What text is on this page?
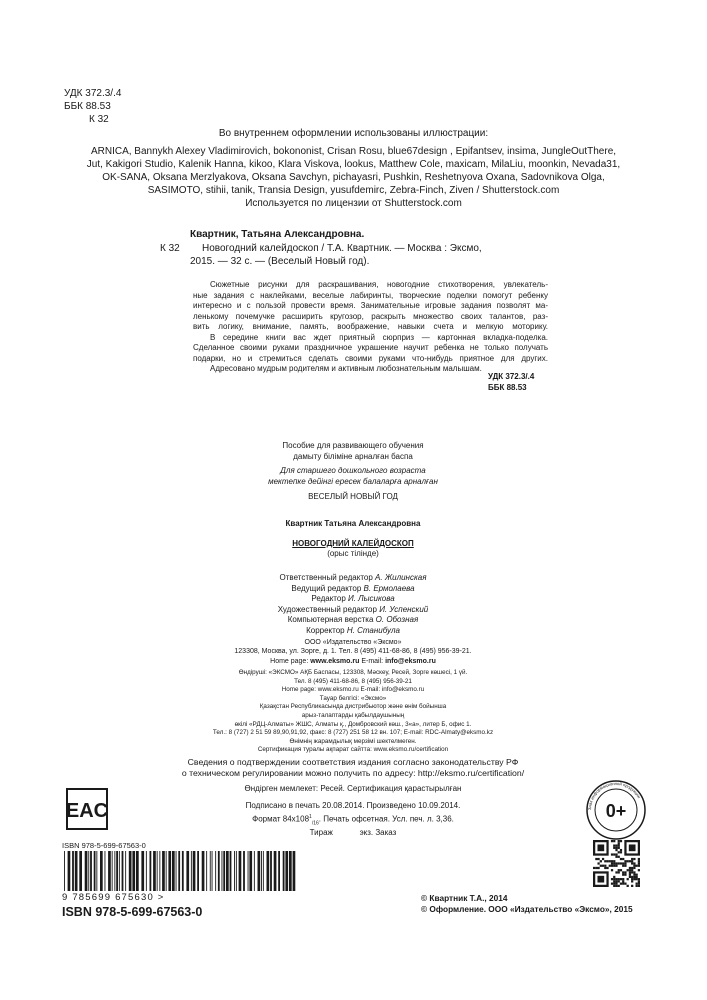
УДК 372.3/.4
ББК 88.53
К 32
Во внутреннем оформлении использованы иллюстрации:
ARNICA, Bannykh Alexey Vladimirovich, bokononist, Crisan Rosu, blue67design , Epifantsev, insima, JungleOutThere,
Jut, Kakigori Studio, Kalenik Hanna, kikoo, Klara Viskova, lookus, Matthew Cole, maxicam, MilaLiu, moonkin, Nevada31,
OK-SANA, Oksana Merzlyakova, Oksana Savchyn, pichayasri, Pushkin, Reshetnyova Oxana, Sadovnikova Olga,
SASIMOTO, stihii, tanik, Transia Design, yusufdemirc, Zebra-Finch, Ziven / Shutterstock.com
Используется по лицензии от Shutterstock.com
Квартник, Татьяна Александровна.
К 32	Новогодний калейдоскоп / Т.А. Квартник. — Москва : Эксмо,
2015. — 32 с. — (Веселый Новый год).
Сюжетные рисунки для раскрашивания, новогодние стихотворения, увлекатель-
ные задания с наклейками, веселые лабиринты, творческие поделки помогут ребенку
интересно и с пользой провести время. Занимательные игровые задания позволят ма-
ленькому почемучке расширить кругозор, раскрыть множество своих талантов, раз-
вить логику, внимание, память, воображение, навыки счета и мелкую моторику.
В середине книги вас ждет приятный сюрприз — картонная вкладка-поделка.
Сделанное своими руками праздничное украшение научит ребенка не только получать
подарки, но и стремиться сделать своими руками что-нибудь приятное для других.
Адресовано мудрым родителям и активным любознательным малышам.
УДК 372.3/.4
ББК 88.53
Пособие для развивающего обучения
дамыту біліміне арналған баспа
Для старшего дошкольного возраста
мектепке дейінгі ересек балаларға арналған
ВЕСЕЛЫЙ НОВЫЙ ГОД
Квартник Татьяна Александровна
НОВОГОДНИЙ КАЛЕЙДОСКОП
(орыс тілінде)
Ответственный редактор А. Жилинская
Ведущий редактор В. Ермолаева
Редактор И. Лысикова
Художественный редактор И. Успенский
Компьютерная верстка О. Обозная
Корректор Н. Станибула
ООО «Издательство «Эксмо»
123308, Москва, ул. Зорге, д. 1. Тел. 8 (495) 411-68-86, 8 (495) 956-39-21.
Home page: www.eksmo.ru E-mail: info@eksmo.ru
Өндіруші: «ЭКСМО» АҚБ Баспасы, 123308, Мәскеу, Ресей, Зорге көшесі, 1 үй.
Тел. 8 (495) 411-68-86, 8 (495) 956-39-21
Home page: www.eksmo.ru E-mail: info@eksmo.ru
Тауар белгісі: «Эксмо»
Қазақстан Республикасында дистрибьютор және өнім бойынша
арыз-талаптарды қабылдаушының
өкілі «РДЦ-Алматы» ЖШС, Алматы қ., Домбровский көш., 3«а», литер Б, офис 1.
Тел.: 8 (727) 2 51 59 89,90,91,92, факс: 8 (727) 251 58 12 вн. 107; E-mail: RDC-Almaty@eksmo.kz
Өнімнің жарамдылық мерзімі шектелмеген.
Сертификация туралы ақпарат сайтта: www.eksmo.ru/certification
Сведения о подтверждении соответствия издания согласно законодательству РФ
о техническом регулировании можно получить по адресу: http://eksmo.ru/certification/
Өндірген мемлекет: Ресей. Сертификация қарастырылған
Подписано в печать 20.08.2014. Произведено 10.09.2014.
Формат $84х108^1_{/16}$. Печать офсетная. Усл. печ. л. 3,36.
Тираж            экз. Заказ
EAC	Знак информационной продукции
0+
ISBN 978-5-699-67563-0
9 785699 675630 >
ISBN 978-5-699-67563-0
© Квартник Т.А., 2014
© Оформление. ООО «Издательство «Эксмо», 2015
